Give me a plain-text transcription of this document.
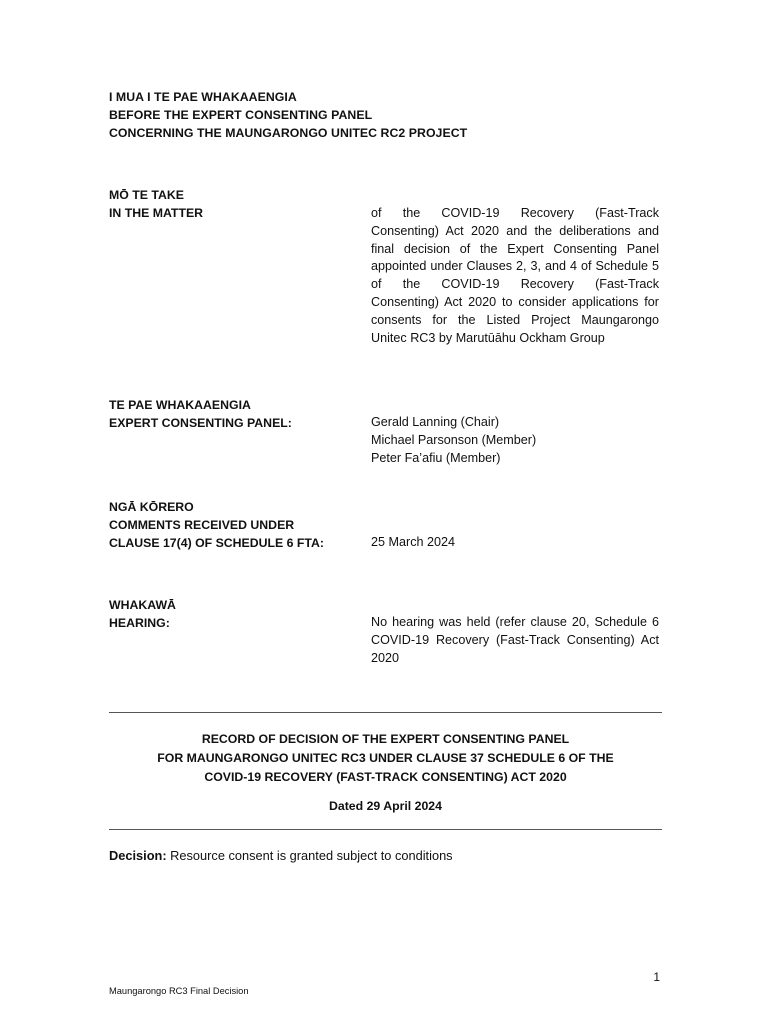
I MUA I TE PAE WHAKAAENGIA
BEFORE THE EXPERT CONSENTING PANEL
CONCERNING THE MAUNGARONGO UNITEC RC2 PROJECT
MŌ TE TAKE
IN THE MATTER	of the COVID-19 Recovery (Fast-Track Consenting) Act 2020 and the deliberations and final decision of the Expert Consenting Panel appointed under Clauses 2, 3, and 4 of Schedule 5 of the COVID-19 Recovery (Fast-Track Consenting) Act 2020 to consider applications for consents for the Listed Project Maungarongo Unitec RC3 by Marutūāhu Ockham Group
TE PAE WHAKAAENGIA
EXPERT CONSENTING PANEL:	Gerald Lanning (Chair)
Michael Parsonson (Member)
Peter Fa’afiu (Member)
NGĀ KŌRERO
COMMENTS RECEIVED UNDER
CLAUSE 17(4) OF SCHEDULE 6 FTA:	25 March 2024
WHAKAWĀ
HEARING:	No hearing was held (refer clause 20, Schedule 6 COVID-19 Recovery (Fast-Track Consenting) Act 2020
RECORD OF DECISION OF THE EXPERT CONSENTING PANEL
FOR MAUNGARONGO UNITEC RC3 UNDER CLAUSE 37 SCHEDULE 6 OF THE
COVID-19 RECOVERY (FAST-TRACK CONSENTING) ACT 2020
Dated 29 April 2024
Decision: Resource consent is granted subject to conditions
1
Maungarongo RC3 Final Decision
